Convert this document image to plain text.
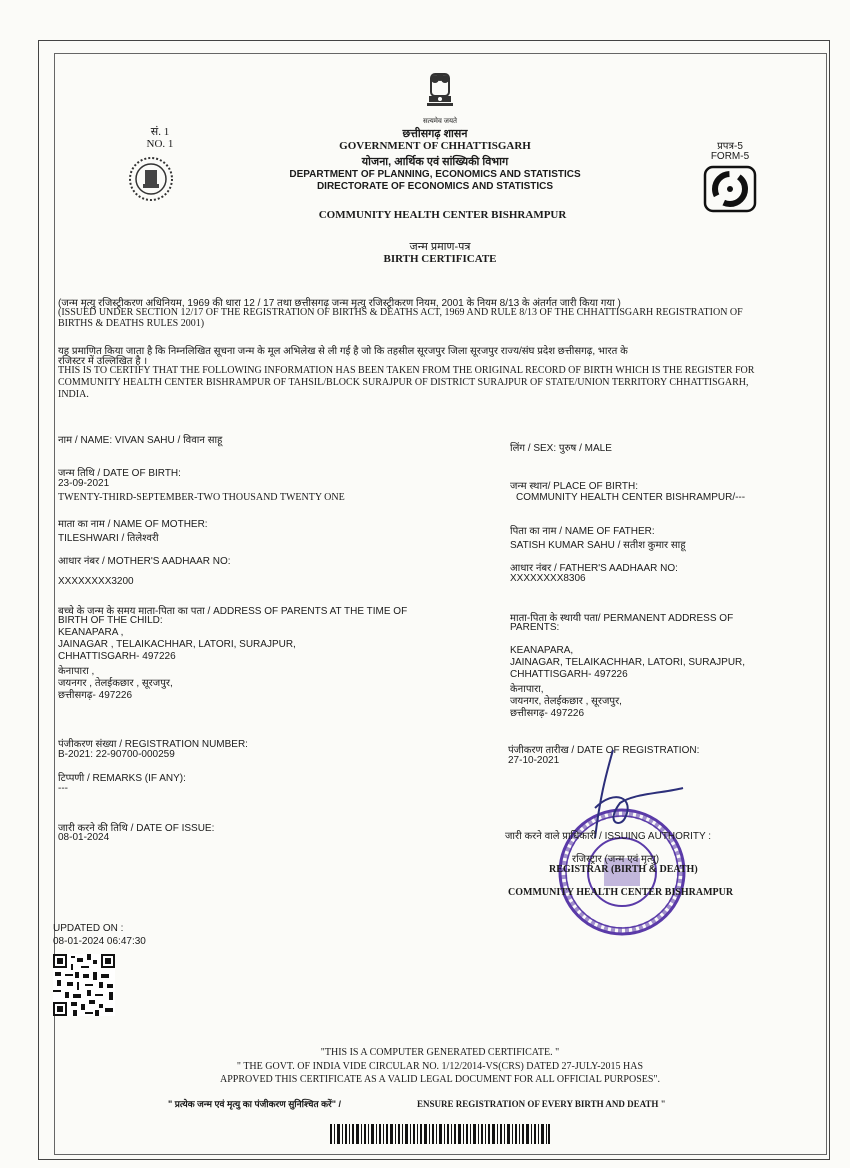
सत्यमेव जयते
सं. 1
NO. 1
छत्तीसगढ़ शासन
GOVERNMENT OF CHHATTISGARH
योजना, आर्थिक एवं सांख्यिकी विभाग
DEPARTMENT OF PLANNING, ECONOMICS AND STATISTICS
DIRECTORATE OF ECONOMICS AND STATISTICS
प्रपत्र-5
FORM-5
COMMUNITY HEALTH CENTER BISHRAMPUR
जन्म प्रमाण-पत्र
BIRTH CERTIFICATE
(जन्म मृत्यु रजिस्ट्रीकरण अधिनियम, 1969 की धारा 12 / 17 तथा छत्तीसगढ़ जन्म मृत्यु रजिस्ट्रीकरण नियम, 2001 के नियम 8/13 के अंतर्गत जारी किया गया )
(ISSUED UNDER SECTION 12/17 OF THE REGISTRATION OF BIRTHS & DEATHS ACT, 1969 AND RULE 8/13 OF THE CHHATTISGARH REGISTRATION OF
BIRTHS & DEATHS RULES 2001)
यह प्रमाणित किया जाता है कि निम्नलिखित सूचना जन्म के मूल अभिलेख से ली गई है जो कि तहसील सूरजपुर जिला सूरजपुर राज्य/संघ प्रदेश छत्तीसगढ़, भारत के
रजिस्टर में उल्लिखित है ।
THIS IS TO CERTIFY THAT THE FOLLOWING INFORMATION HAS BEEN TAKEN FROM THE ORIGINAL RECORD OF BIRTH WHICH IS THE REGISTER FOR
COMMUNITY HEALTH CENTER BISHRAMPUR OF TAHSIL/BLOCK SURAJPUR OF DISTRICT SURAJPUR OF STATE/UNION TERRITORY CHHATTISGARH,
INDIA.
नाम / NAME: VIVAN SAHU / विवान साहू
जन्म तिथि / DATE OF BIRTH:
23-09-2021
TWENTY-THIRD-SEPTEMBER-TWO THOUSAND TWENTY ONE
माता का नाम / NAME OF MOTHER:
TILESHWARI / तिलेश्वरी
आधार नंबर / MOTHER'S AADHAAR NO:
XXXXXXXX3200
बच्चे के जन्म के समय माता-पिता का पता / ADDRESS OF PARENTS AT THE TIME OF
BIRTH OF THE CHILD:
KEANAPARA ,
JAINAGAR , TELAIKACHHAR, LATORI, SURAJPUR,
CHHATTISGARH- 497226
केनापारा ,
जयनगर , तेलईकछार , सूरजपुर,
छत्तीसगढ़- 497226
पंजीकरण संख्या / REGISTRATION NUMBER:
B-2021: 22-90700-000259
टिप्पणी / REMARKS (IF ANY):
---
जारी करने की तिथि / DATE OF ISSUE:
08-01-2024
UPDATED ON :
08-01-2024 06:47:30
लिंग / SEX: पुरुष / MALE
जन्म स्थान/ PLACE OF BIRTH:
COMMUNITY HEALTH CENTER BISHRAMPUR/---
पिता का नाम / NAME OF FATHER:
SATISH KUMAR SAHU / सतीश कुमार साहू
आधार नंबर / FATHER'S AADHAAR NO:
XXXXXXXX8306
माता-पिता के स्थायी पता/ PERMANENT ADDRESS OF
PARENTS:
KEANAPARA,
JAINAGAR, TELAIKACHHAR, LATORI, SURAJPUR,
CHHATTISGARH- 497226
केनापारा,
जयनगर, तेलईकछार , सूरजपुर,
छत्तीसगढ़- 497226
पंजीकरण तारीख / DATE OF REGISTRATION:
27-10-2021
जारी करने वाले प्राधिकारी / ISSUING AUTHORITY :
रजिस्ट्रार (जन्म एवं मृत्यु)
REGISTRAR (BIRTH & DEATH)
COMMUNITY HEALTH CENTER BISHRAMPUR
"THIS IS A COMPUTER GENERATED CERTIFICATE. "
" THE GOVT. OF INDIA VIDE CIRCULAR NO. 1/12/2014-VS(CRS) DATED 27-JULY-2015 HAS
APPROVED THIS CERTIFICATE AS A VALID LEGAL DOCUMENT FOR ALL OFFICIAL PURPOSES".
" प्रत्येक जन्म एवं मृत्यु का पंजीकरण सुनिश्चित करें" /	ENSURE REGISTRATION OF EVERY BIRTH AND DEATH "
